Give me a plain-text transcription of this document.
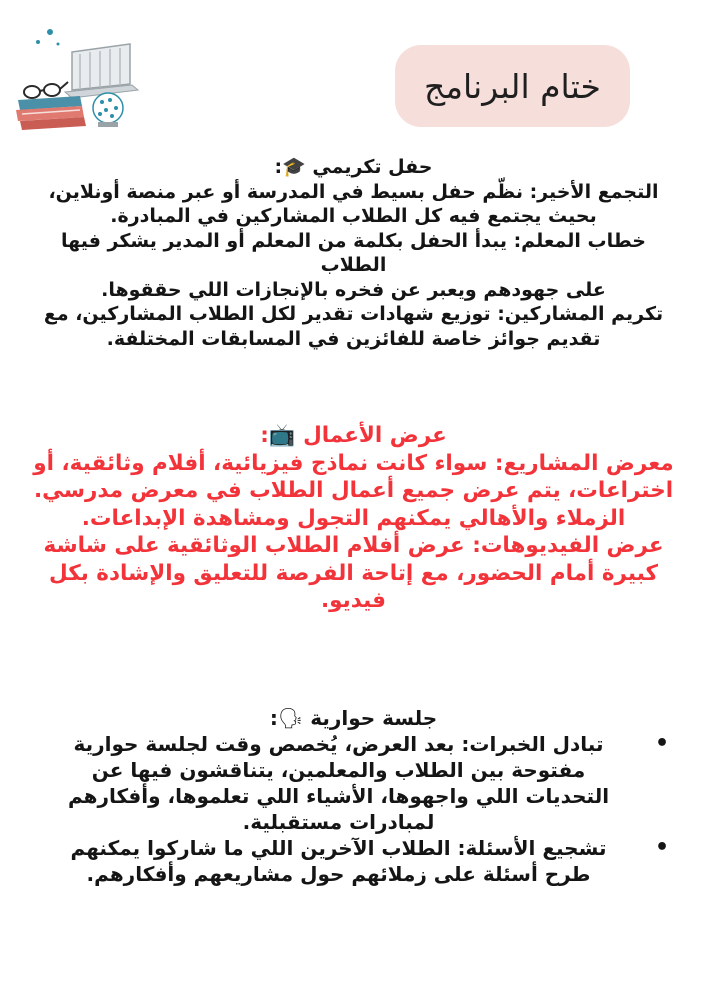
ختام البرنامج
حفل تكريمي 🎓:
التجمع الأخير: نظّم حفل بسيط في المدرسة أو عبر منصة أونلاين،
بحيث يجتمع فيه كل الطلاب المشاركين في المبادرة.
خطاب المعلم: يبدأ الحفل بكلمة من المعلم أو المدير يشكر فيها الطلاب
على جهودهم ويعبر عن فخره بالإنجازات اللي حققوها.
تكريم المشاركين: توزيع شهادات تقدير لكل الطلاب المشاركين، مع
تقديم جوائز خاصة للفائزين في المسابقات المختلفة.
عرض الأعمال 📺:
معرض المشاريع: سواء كانت نماذج فيزيائية، أفلام وثائقية، أو
اختراعات، يتم عرض جميع أعمال الطلاب في معرض مدرسي.
الزملاء والأهالي يمكنهم التجول ومشاهدة الإبداعات.
عرض الفيديوهات: عرض أفلام الطلاب الوثائقية على شاشة
كبيرة أمام الحضور، مع إتاحة الفرصة للتعليق والإشادة بكل
فيديو.
جلسة حوارية 🗣:
•
تبادل الخبرات: بعد العرض، يُخصص وقت لجلسة حوارية
مفتوحة بين الطلاب والمعلمين، يتناقشون فيها عن
التحديات اللي واجهوها، الأشياء اللي تعلموها، وأفكارهم
لمبادرات مستقبلية.
•
تشجيع الأسئلة: الطلاب الآخرين اللي ما شاركوا يمكنهم
طرح أسئلة على زملائهم حول مشاريعهم وأفكارهم.
